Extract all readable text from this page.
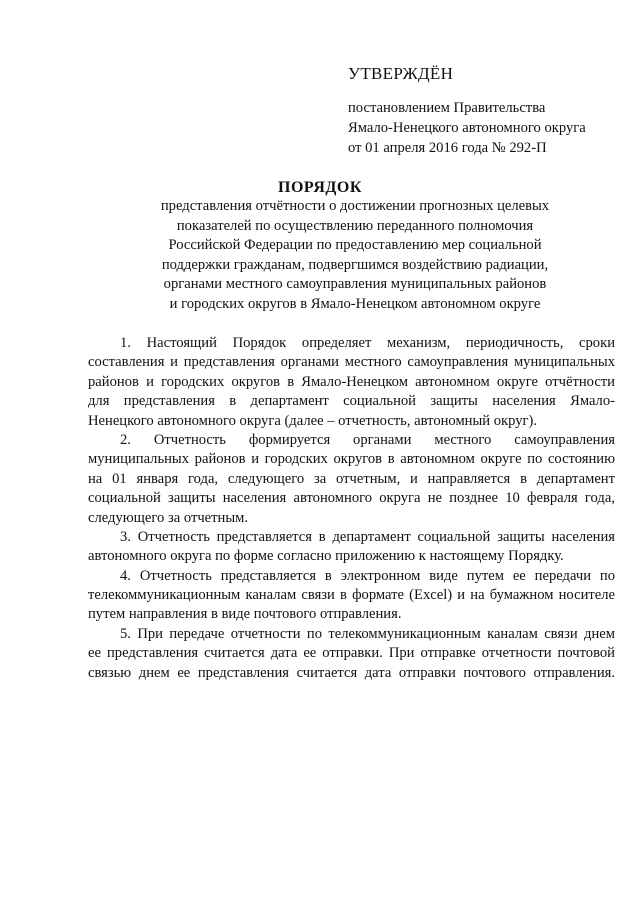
УТВЕРЖДЁН
постановлением Правительства
Ямало-Ненецкого автономного округа
от 01 апреля 2016 года № 292-П
ПОРЯДОК
представления отчётности о достижении прогнозных целевых
показателей по осуществлению переданного полномочия
Российской Федерации по предоставлению мер социальной
поддержки гражданам, подвергшимся воздействию радиации,
органами местного самоуправления муниципальных районов
и городских округов в Ямало-Ненецком автономном округе
1. Настоящий Порядок определяет механизм, периодичность, сроки
составления и представления органами местного самоуправления муниципальных
районов и городских округов в Ямало-Ненецком автономном округе отчётности
для представления в департамент социальной защиты населения Ямало-
Ненецкого автономного округа (далее – отчетность, автономный округ).
2. Отчетность формируется органами местного самоуправления
муниципальных районов и городских округов в автономном округе по состоянию
на 01 января года, следующего за отчетным, и направляется в департамент
социальной защиты населения автономного округа не позднее 10 февраля года,
следующего за отчетным.
3. Отчетность представляется в департамент социальной защиты населения
автономного округа по форме согласно приложению к настоящему Порядку.
4. Отчетность представляется в электронном виде путем ее передачи по
телекоммуникационным каналам связи в формате (Excel) и на бумажном носителе
путем направления в виде почтового отправления.
5. При передаче отчетности по телекоммуникационным каналам связи днем
ее представления считается дата ее отправки. При отправке отчетности почтовой
связью днем ее представления считается дата отправки почтового отправления.
